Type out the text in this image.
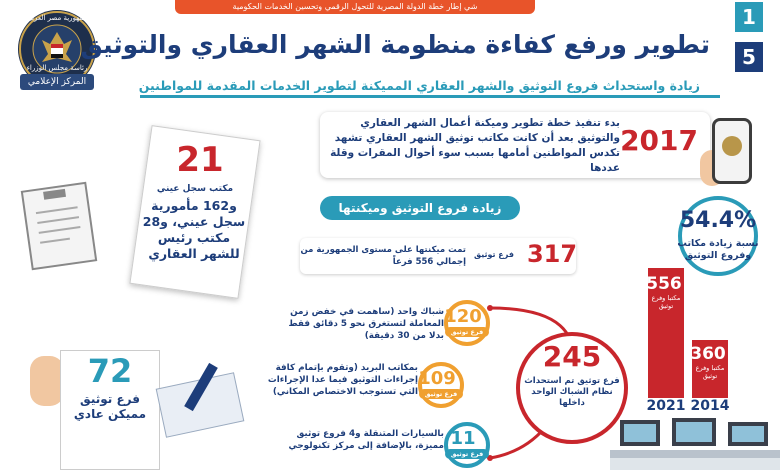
شي إطار خطة الدولة المصرية للتحول الرقمي وتحسين الخدمات الحكومية
جمهورية مصر العربية
رئاسة مجلس الوزراء
المركز الإعلامي
1
5
تطوير ورفع كفاءة منظومة الشهر العقاري والتوثيق
زيادة واستحداث فروع التوثيق والشهر العقاري المميكنة لتطوير الخدمات المقدمة للمواطنين
بدء تنفيذ خطة تطوير وميكنة أعمال الشهر العقاري والتوثيق بعد أن كانت مكاتب توثيق الشهر العقاري تشهد تكدس المواطنين أمامها بسبب سوء أحوال المقرات وقلة عددها
2017
زيادة فروع التوثيق وميكنتها	54.4%
نسبة زيادة مكاتب وفروع التوثيق
556
مكتبا وفرع توثيق
360
مكتبا وفرع توثيق
2021 2014
317
فرع توثيق
تمت ميكنتها على مستوى الجمهورية من إجمالي 556 فرعاً
21
مكتب سجل عيني
و162 مأمورية سجل عيني، و28 مكتب رئيس للشهر العقاري
72
فرع توثيق مميكن عادي
120
فرع توثيق
شباك واحد (ساهمت في خفض زمن المعاملة لتستغرق نحو 5 دقائق فقط بدلا من 30 دقيقة)
109
فرع توثيق
بمكاتب البريد (وتقوم بإتمام كافة إجراءات التوثيق فيما عدا الإجراءات التي تستوجب الاختصاص المكاني)
11
فرع توثيق
بالسيارات المتنقلة و4 فروع توثيق مميزة، بالإضافة إلى مركز تكنولوجي
245
فرع توثيق تم استحداث نظام الشباك الواحد داخلها
